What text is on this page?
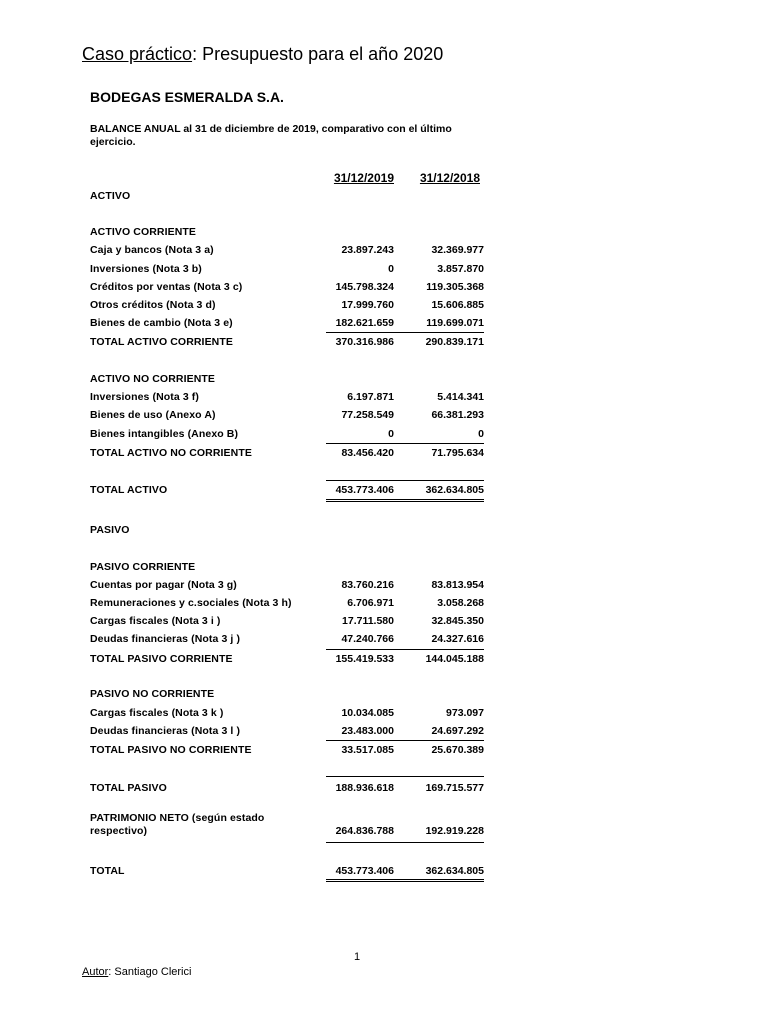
Caso práctico: Presupuesto para el año 2020
BODEGAS ESMERALDA S.A.
BALANCE ANUAL al 31 de diciembre de 2019, comparativo con el último ejercicio.
31/12/2019	31/12/2018
ACTIVO
ACTIVO CORRIENTE
Caja y bancos (Nota 3 a)	23.897.243	32.369.977
Inversiones (Nota 3 b)	0	3.857.870
Créditos por ventas (Nota 3 c)	145.798.324	119.305.368
Otros créditos (Nota 3 d)	17.999.760	15.606.885
Bienes de cambio (Nota 3 e)	182.621.659	119.699.071
TOTAL ACTIVO CORRIENTE	370.316.986	290.839.171
ACTIVO NO CORRIENTE
Inversiones (Nota 3 f)	6.197.871	5.414.341
Bienes de uso (Anexo A)	77.258.549	66.381.293
Bienes intangibles (Anexo B)	0	0
TOTAL ACTIVO NO CORRIENTE	83.456.420	71.795.634
TOTAL ACTIVO	453.773.406	362.634.805
PASIVO
PASIVO CORRIENTE
Cuentas por pagar (Nota 3 g)	83.760.216	83.813.954
Remuneraciones y c.sociales (Nota 3 h)	6.706.971	3.058.268
Cargas fiscales (Nota 3 i )	17.711.580	32.845.350
Deudas financieras (Nota 3 j )	47.240.766	24.327.616
TOTAL PASIVO CORRIENTE	155.419.533	144.045.188
PASIVO NO CORRIENTE
Cargas fiscales (Nota 3 k )	10.034.085	973.097
Deudas financieras (Nota 3 l )	23.483.000	24.697.292
TOTAL PASIVO NO CORRIENTE	33.517.085	25.670.389
TOTAL PASIVO	188.936.618	169.715.577
PATRIMONIO NETO (según estado respectivo)	264.836.788	192.919.228
TOTAL	453.773.406	362.634.805
1
Autor: Santiago Clerici
